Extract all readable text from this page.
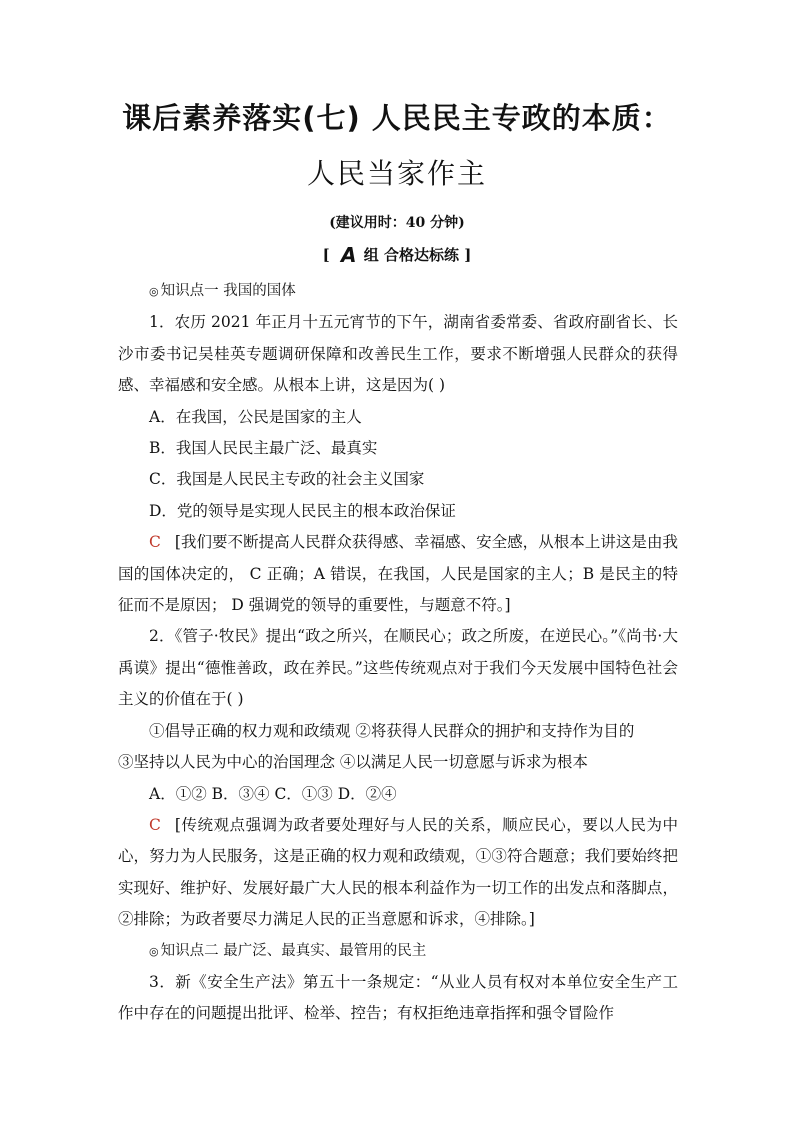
课后素养落实(七) 人民民主专政的本质：
人民当家作主
(建议用时：40 分钟)
[ A 组 合格达标练 ]

◎ 知识点一 我国的国体

1．农历 2021 年正月十五元宵节的下午，湖南省委常委、省政府副省长、长沙市委书记吴桂英专题调研保障和改善民生工作，要求不断增强人民群众的获得感、幸福感和安全感。从根本上讲，这是因为( )

A．在我国，公民是国家的主人

B．我国人民民主最广泛、最真实

C．我国是人民民主专政的社会主义国家

D．党的领导是实现人民民主的根本政治保证

C [我们要不断提高人民群众获得感、幸福感、安全感，从根本上讲这是由我国的国体决定的， C 正确；A 错误，在我国，人民是国家的主人；B 是民主的特征而不是原因； D 强调党的领导的重要性，与题意不符。]

2．《管子·牧民》提出“政之所兴，在顺民心；政之所废，在逆民心。”《尚书·大禹谟》提出“德惟善政，政在养民。”这些传统观点对于我们今天发展中国特色社会主义的价值在于( )

①倡导正确的权力观和政绩观 ②将获得人民群众的拥护和支持作为目的

③坚持以人民为中心的治国理念 ④以满足人民一切意愿与诉求为根本

A．①② B．③④ C．①③ D．②④

C [传统观点强调为政者要处理好与人民的关系，顺应民心，要以人民为中心，努力为人民服务，这是正确的权力观和政绩观，①③符合题意；我们要始终把实现好、维护好、发展好最广大人民的根本利益作为一切工作的出发点和落脚点，②排除；为政者要尽力满足人民的正当意愿和诉求，④排除。]

◎ 知识点二 最广泛、最真实、最管用的民主

3．新《安全生产法》第五十一条规定：“从业人员有权对本单位安全生产工作中存在的问题提出批评、检举、控告；有权拒绝违章指挥和强令冒险作
